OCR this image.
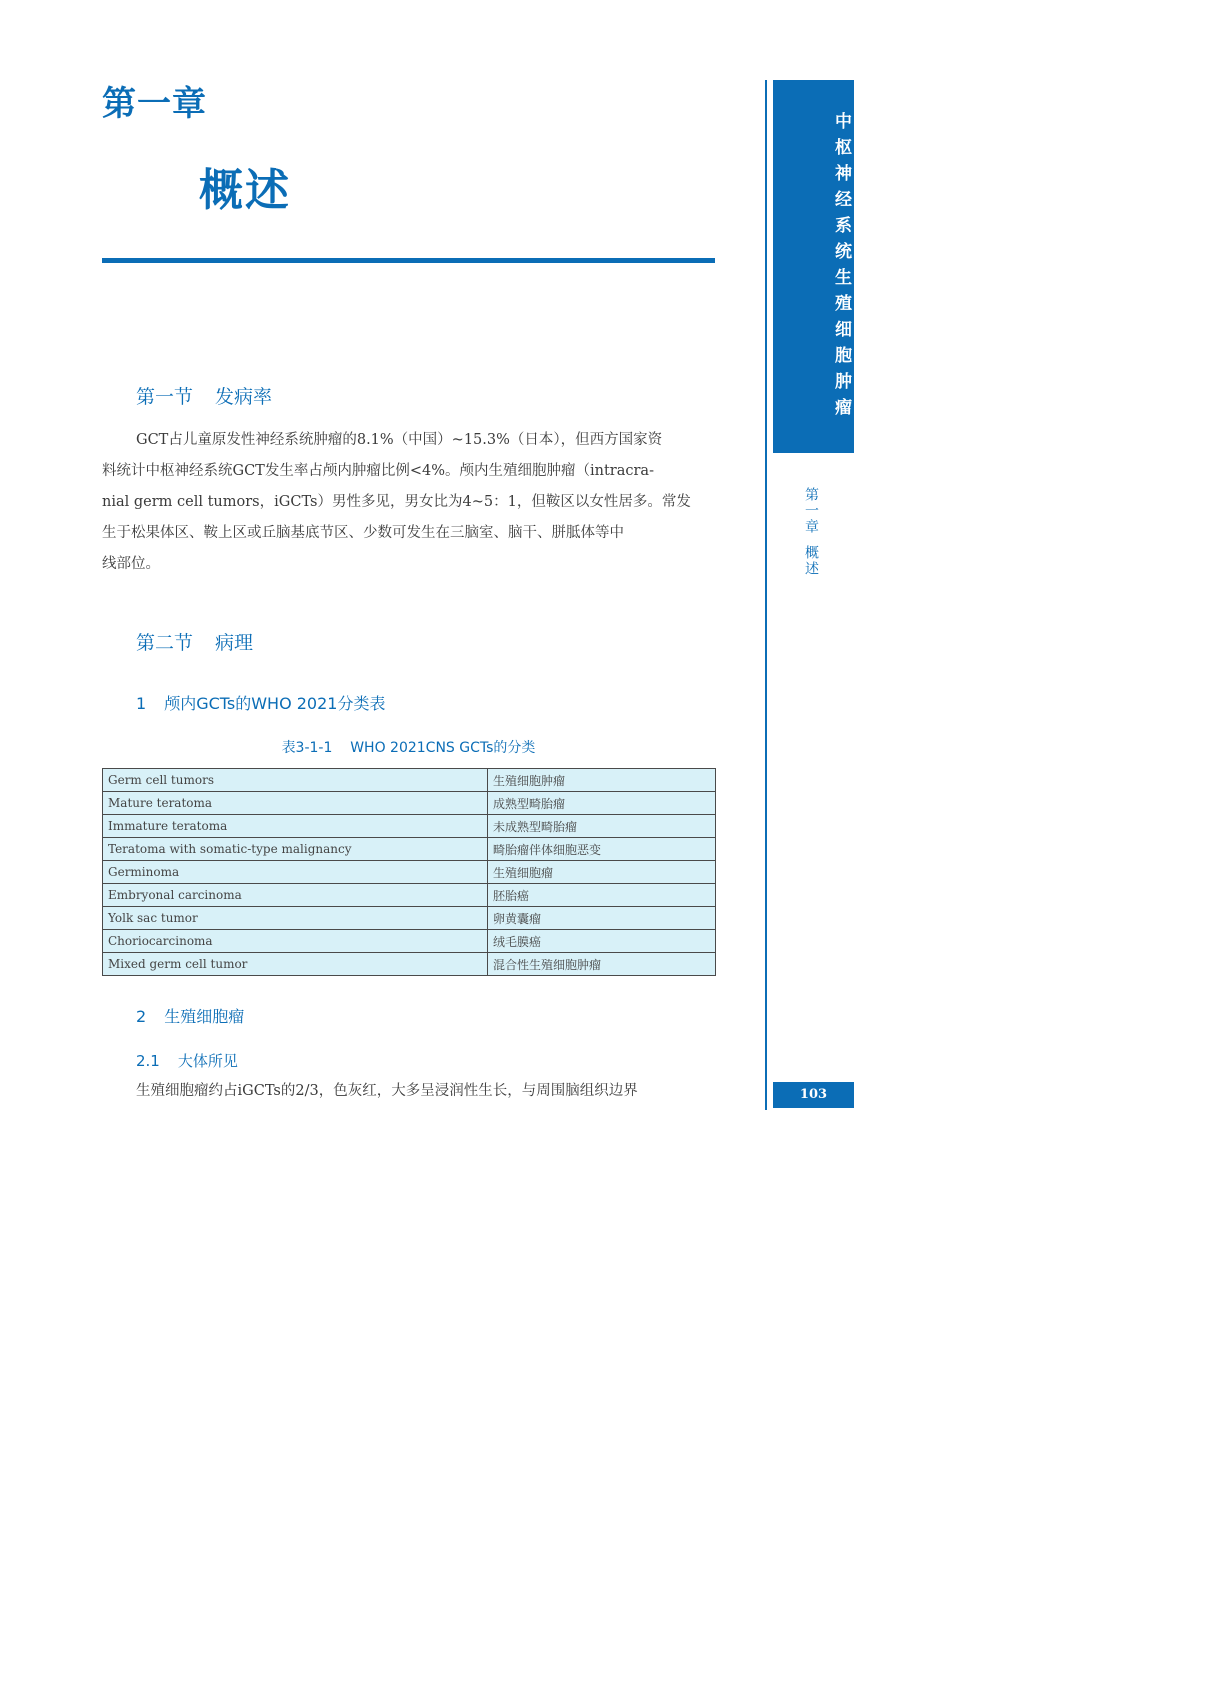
第一章
概述	中枢神经系统生殖细胞肿瘤
第一章概述
103
第一节 发病率
GCT占儿童原发性神经系统肿瘤的8.1%（中国）~15.3%（日本），但西方国家资
料统计中枢神经系统GCT发生率占颅内肿瘤比例<4%。颅内生殖细胞肿瘤（intracra-
nial germ cell tumors，iGCTs）男性多见，男女比为4~5：1，但鞍区以女性居多。常发
生于松果体区、鞍上区或丘脑基底节区、少数可发生在三脑室、脑干、胼胝体等中
线部位。
第二节 病理
1 颅内GCTs的WHO 2021分类表
表3-1-1 WHO 2021CNS GCTs的分类
Germ cell tumors	生殖细胞肿瘤
Mature teratoma	成熟型畸胎瘤
Immature teratoma	未成熟型畸胎瘤
Teratoma with somatic-type malignancy	畸胎瘤伴体细胞恶变
Germinoma	生殖细胞瘤
Embryonal carcinoma	胚胎癌
Yolk sac tumor	卵黄囊瘤
Choriocarcinoma	绒毛膜癌
Mixed germ cell tumor	混合性生殖细胞肿瘤
2 生殖细胞瘤
2.1 大体所见
生殖细胞瘤约占iGCTs的2/3，色灰红，大多呈浸润性生长，与周围脑组织边界
